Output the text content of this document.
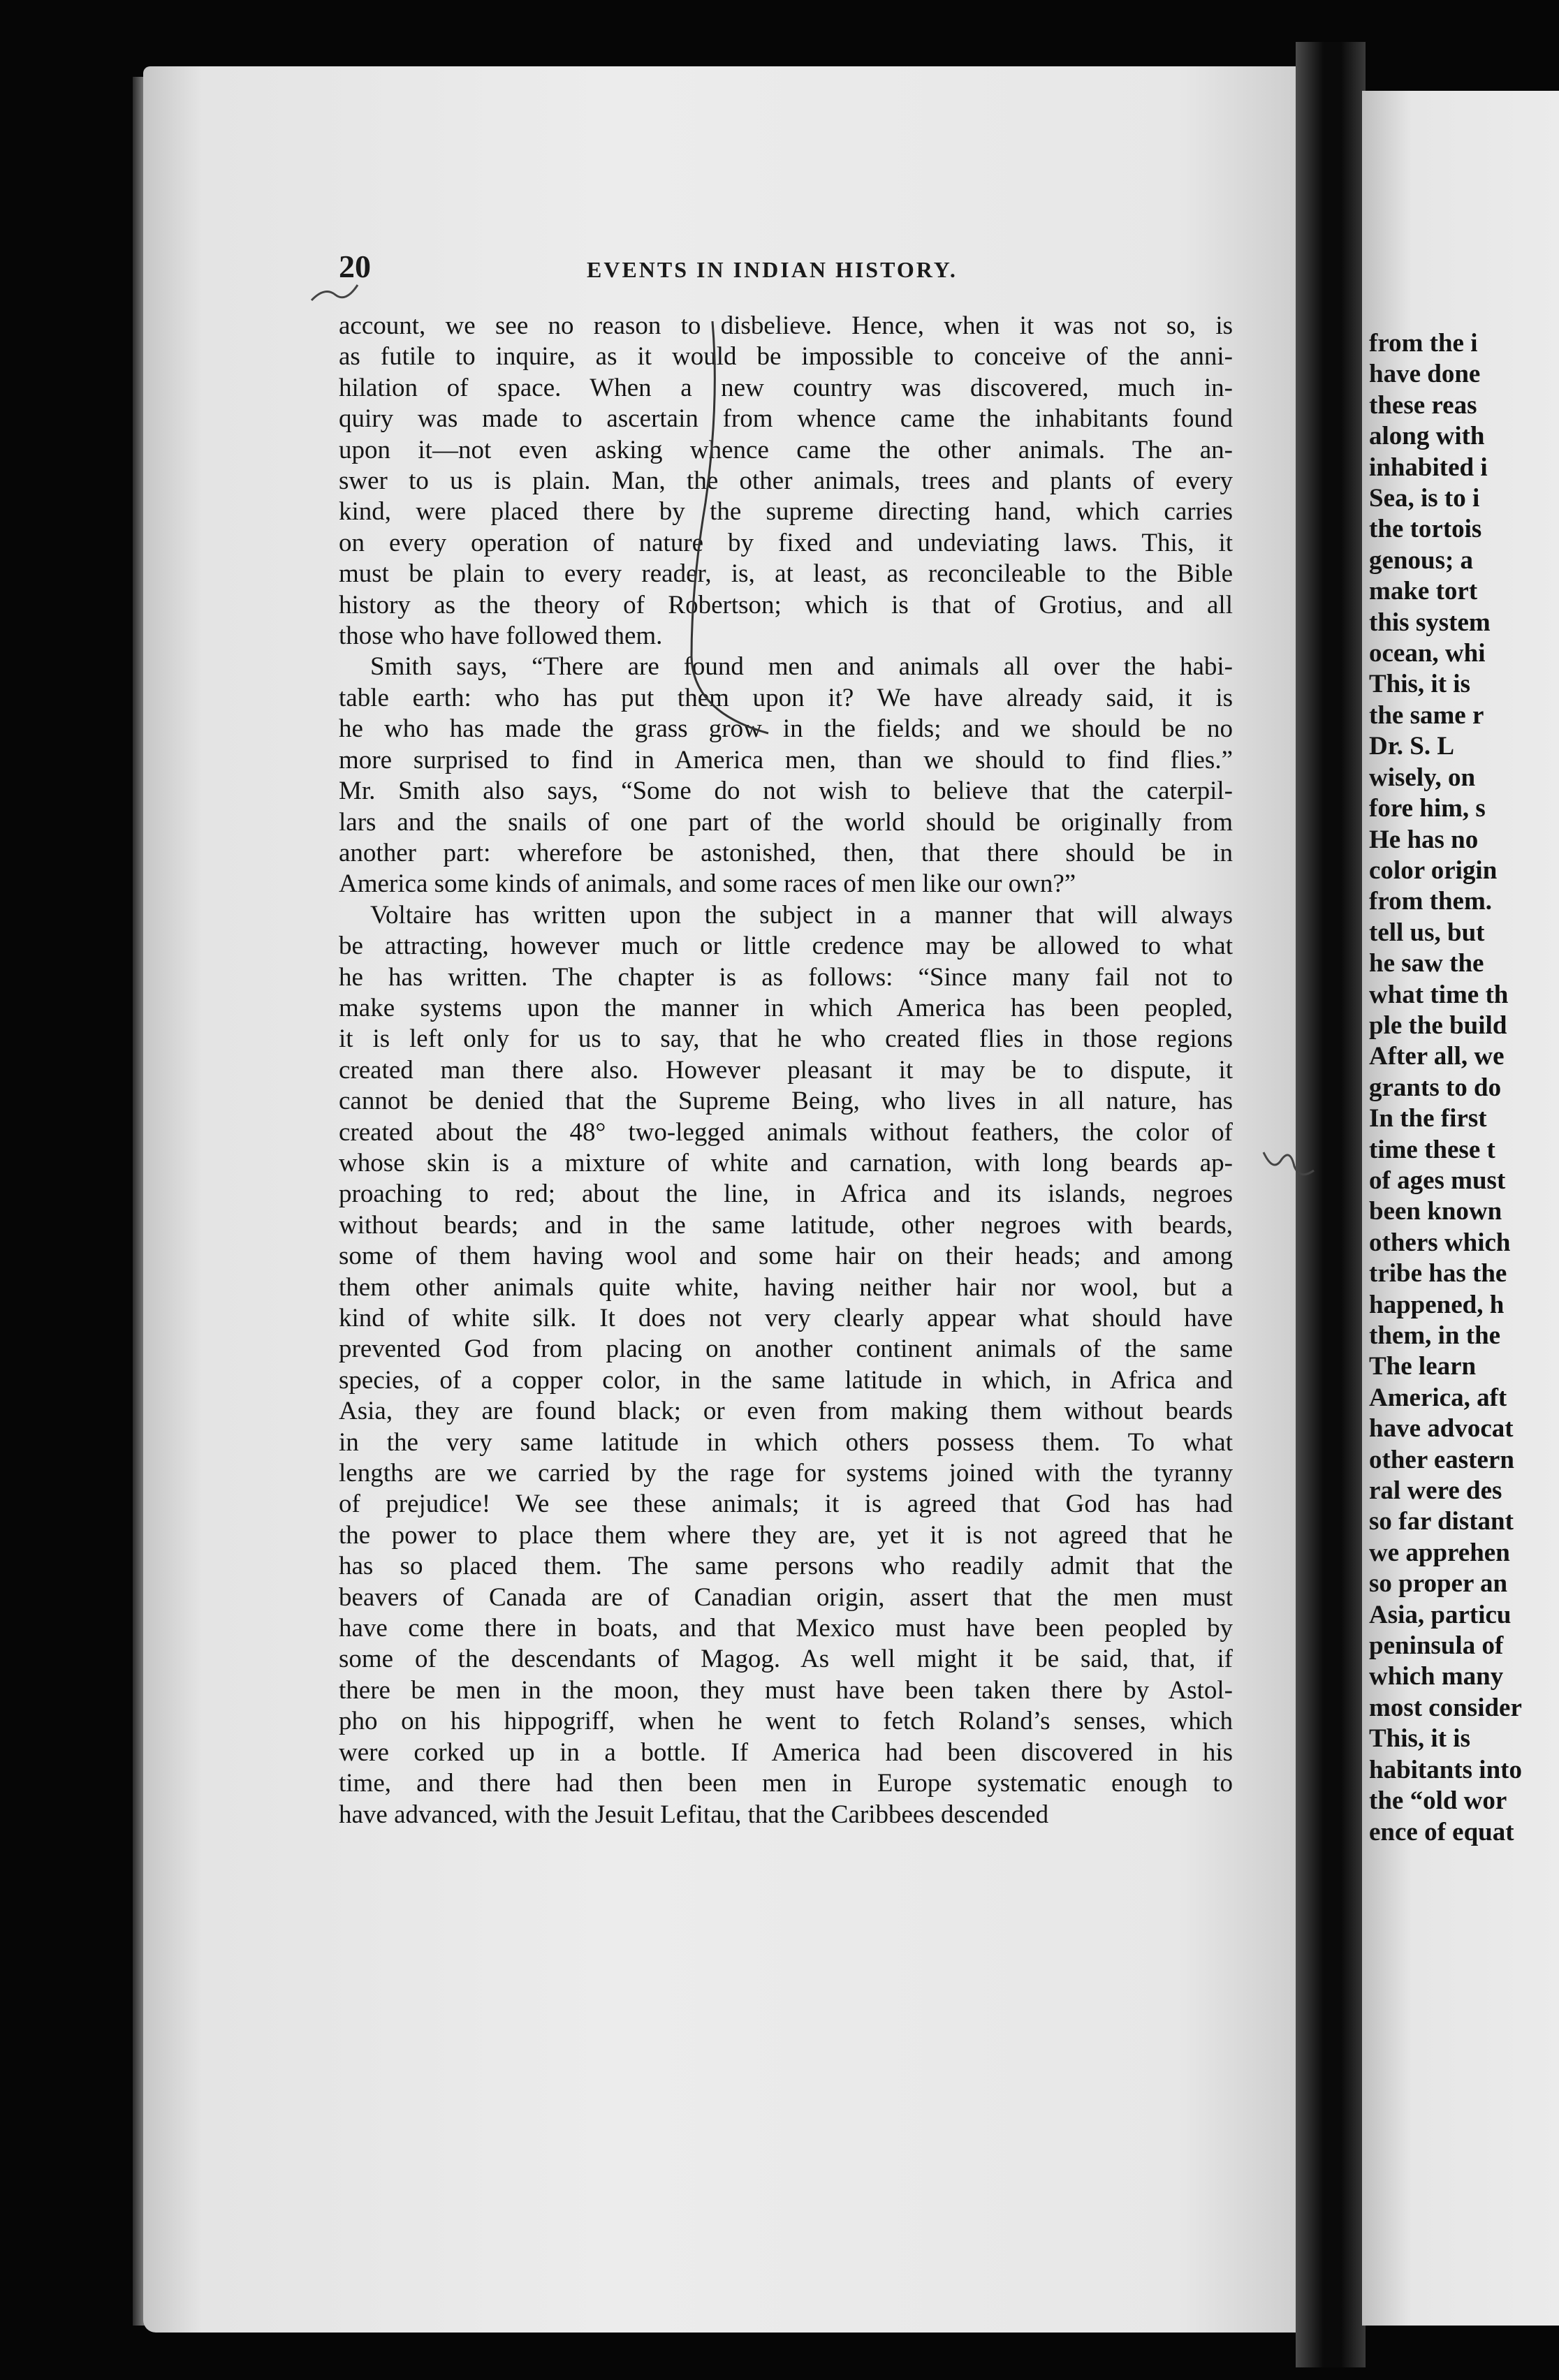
from the i
have done
these reas
along with
inhabited i
Sea, is to i
the tortois
genous; a
make tort
this system
ocean, whi
This, it is
the same r
Dr. S. L
wisely, on
fore him, s
He has no
color origin
from them.
tell us, but
he saw the
what time th
ple the build
After all, we
grants to do
In the first
time these t
of ages must
been known
others which
tribe has the
happened, h
them, in the
The learn
America, aft
have advocat
other eastern
ral were des
so far distant
we apprehen
so proper an
Asia, particu
peninsula of
which many
most consider
This, it is
habitants into
the “old wor
ence of equat
20	EVENTS IN INDIAN HISTORY.

account, we see no reason to disbelieve. Hence, when it was not so, is
as futile to inquire, as it would be impossible to conceive of the anni-
hilation of space. When a new country was discovered, much in-
quiry was made to ascertain from whence came the inhabitants found
upon it—not even asking whence came the other animals. The an-
swer to us is plain. Man, the other animals, trees and plants of every
kind, were placed there by the supreme directing hand, which carries
on every operation of nature by fixed and undeviating laws. This, it
must be plain to every reader, is, at least, as reconcileable to the Bible
history as the theory of Robertson; which is that of Grotius, and all
those who have followed them.

Smith says, “There are found men and animals all over the habi-
table earth: who has put them upon it? We have already said, it is
he who has made the grass grow in the fields; and we should be no
more surprised to find in America men, than we should to find flies.”
Mr. Smith also says, “Some do not wish to believe that the caterpil-
lars and the snails of one part of the world should be originally from
another part: wherefore be astonished, then, that there should be in
America some kinds of animals, and some races of men like our own?”

Voltaire has written upon the subject in a manner that will always
be attracting, however much or little credence may be allowed to what
he has written. The chapter is as follows: “Since many fail not to
make systems upon the manner in which America has been peopled,
it is left only for us to say, that he who created flies in those regions
created man there also. However pleasant it may be to dispute, it
cannot be denied that the Supreme Being, who lives in all nature, has
created about the 48° two-legged animals without feathers, the color of
whose skin is a mixture of white and carnation, with long beards ap-
proaching to red; about the line, in Africa and its islands, negroes
without beards; and in the same latitude, other negroes with beards,
some of them having wool and some hair on their heads; and among
them other animals quite white, having neither hair nor wool, but a
kind of white silk. It does not very clearly appear what should have
prevented God from placing on another continent animals of the same
species, of a copper color, in the same latitude in which, in Africa and
Asia, they are found black; or even from making them without beards
in the very same latitude in which others possess them. To what
lengths are we carried by the rage for systems joined with the tyranny
of prejudice! We see these animals; it is agreed that God has had
the power to place them where they are, yet it is not agreed that he
has so placed them. The same persons who readily admit that the
beavers of Canada are of Canadian origin, assert that the men must
have come there in boats, and that Mexico must have been peopled by
some of the descendants of Magog. As well might it be said, that, if
there be men in the moon, they must have been taken there by Astol-
pho on his hippogriff, when he went to fetch Roland’s senses, which
were corked up in a bottle. If America had been discovered in his
time, and there had then been men in Europe systematic enough to
have advanced, with the Jesuit Lefitau, that the Caribbees descended
